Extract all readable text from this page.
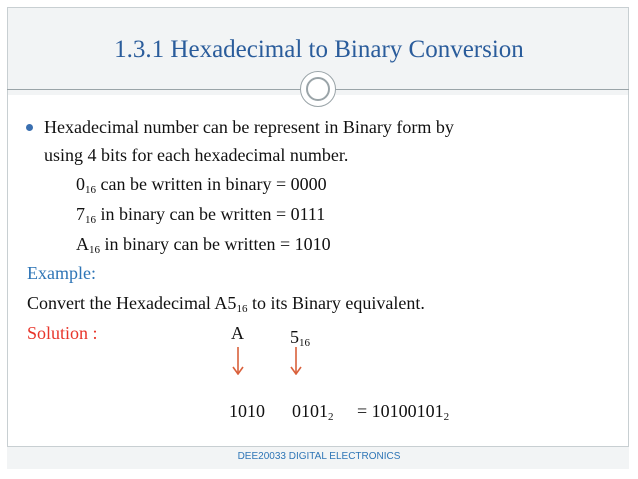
1.3.1 Hexadecimal to Binary Conversion
Hexadecimal number can be represent in Binary form by
using 4 bits for each hexadecimal number.
$0_{16}$ can be written in binary = 0000
$7_{16}$ in binary can be written = 0111
$A_{16}$ in binary can be written = 1010
Example:
Convert the Hexadecimal $A5_{16}$ to its Binary equivalent.
Solution :	A	$5_{16}$
1010 $0101_2 = 10100101_2$
DEE20033 DIGITAL ELECTRONICS
